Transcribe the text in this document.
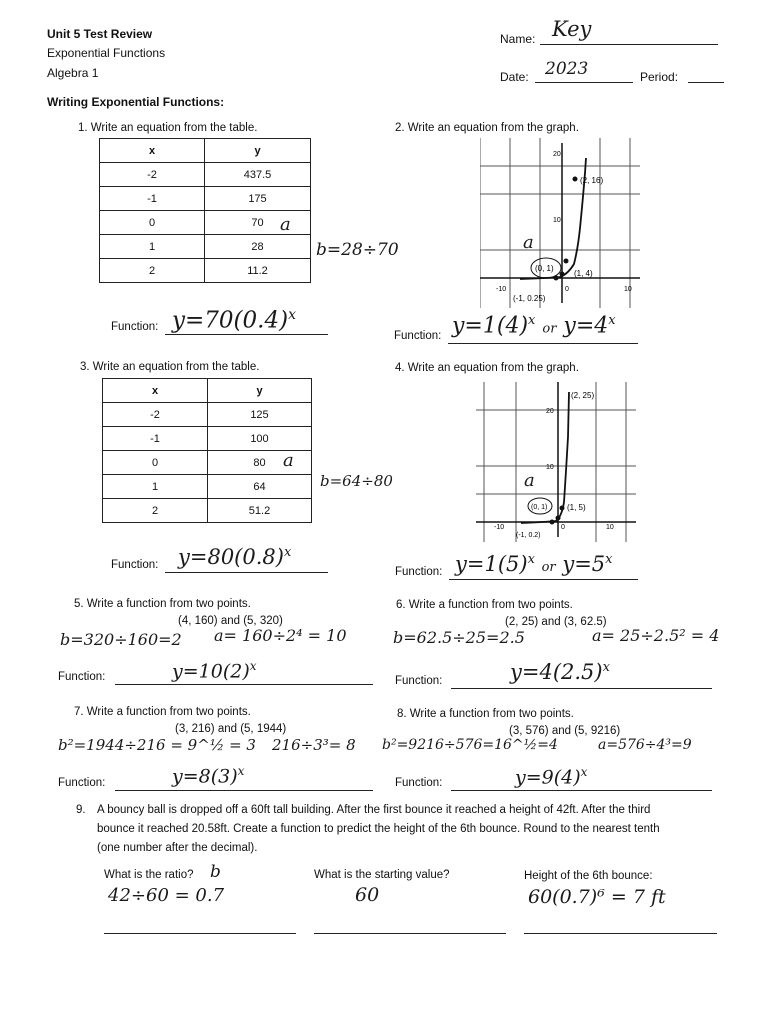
Unit 5 Test Review
Exponential Functions
Algebra 1
Name: Key
Date: 2023	Period:
Writing Exponential Functions:
1. Write an equation from the table.
x	y
-2	437.5
-1	175
0	70
1	28
2	11.2
a
b=28÷70
Function: $y=70(0.4)^x$
2. Write an equation from the graph.
20
10
-10	0	10
(2, 16)
(0, 1)
(1, 4)
(-1, 0.25)
a
Function: $y=1(4)^x$ or $y=4^x$
3. Write an equation from the table.
x	y
-2	125
-1	100
0	80
1	64
2	51.2
a
b=64÷80
Function: $y=80(0.8)^x$
4. Write an equation from the graph.
20
10
-10	0	10
(2, 25)
(0, 1) (1, 5)
(-1, 0.2)
a
Function: $y=1(5)^x$ or $y=5^x$
5. Write a function from two points.
(4, 160) and (5, 320)
b=320÷160=2 a= 160÷2⁴ = 10
Function:	$y=10(2)^x$
6. Write a function from two points.
(2, 25) and (3, 62.5)
b=62.5÷25=2.5	a= 25÷2.5² = 4
Function:	$y=4(2.5)^x$
7. Write a function from two points.
(3, 216) and (5, 1944)
b²=1944÷216 = 9^½ = 3 216÷3³= 8
Function:	$y=8(3)^x$
8. Write a function from two points.
(3, 576) and (5, 9216)
b²=9216÷576=16^½=4	a=576÷4³=9
Function:	$y=9(4)^x$
9. A bouncy ball is dropped off a 60ft tall building. After the first bounce it reached a height of 42ft. After the third
bounce it reached 20.58ft. Create a function to predict the height of the 6th bounce. Round to the nearest tenth
(one number after the decimal).
What is the ratio? b
42÷60 = 0.7
What is the starting value?
60
Height of the 6th bounce:
60(0.7)⁶ = 7 ft
